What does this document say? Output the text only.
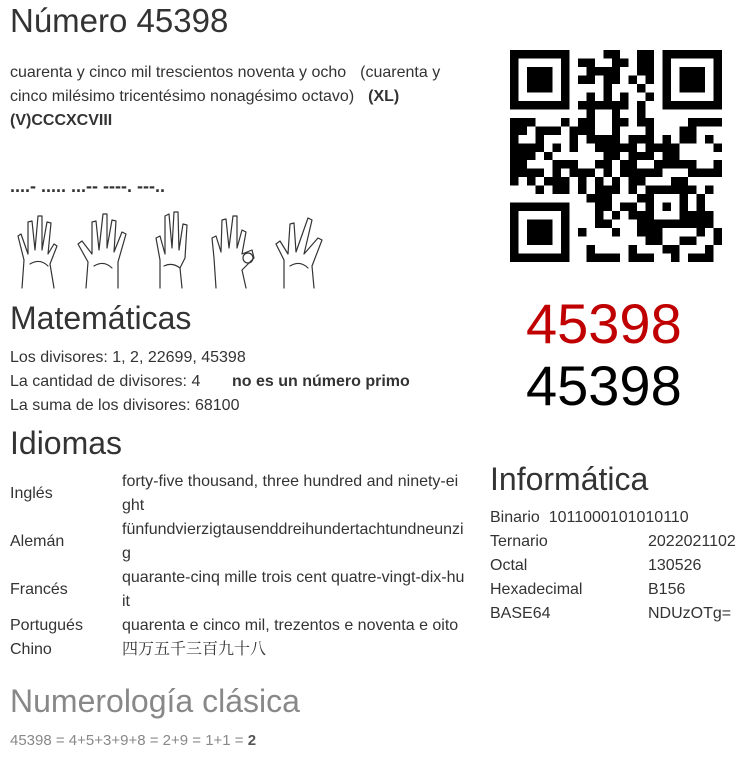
Número 45398
cuarenta y cinco mil trescientos noventa y ocho (cuarenta y cinco milésimo tricentésimo nonagésimo octavo) (XL)(V)CCCXCVIII
....- ..... ...-- ----. ---..
45398
45398
Matemáticas
Los divisores: 1, 2, 22699, 45398
La cantidad de divisores: 4 no es un número primo
La suma de los divisores: 68100
Idiomas
Inglés	forty-five thousand, three hundred and ninety-eight
Alemán	fünfundvierzigtausenddreihundertachtundneunzig
Francés	quarante-cinq mille trois cent quatre-vingt-dix-huit
Portugués	quarenta e cinco mil, trezentos e noventa e oito
Chino	四万五千三百九十八
Informática
Binario 1011000101010110
Ternario	2022021102
Octal	130526
Hexadecimal	B156
BASE64	NDUzOTg=
Numerología clásica
45398 = 4+5+3+9+8 = 2+9 = 1+1 = 2
